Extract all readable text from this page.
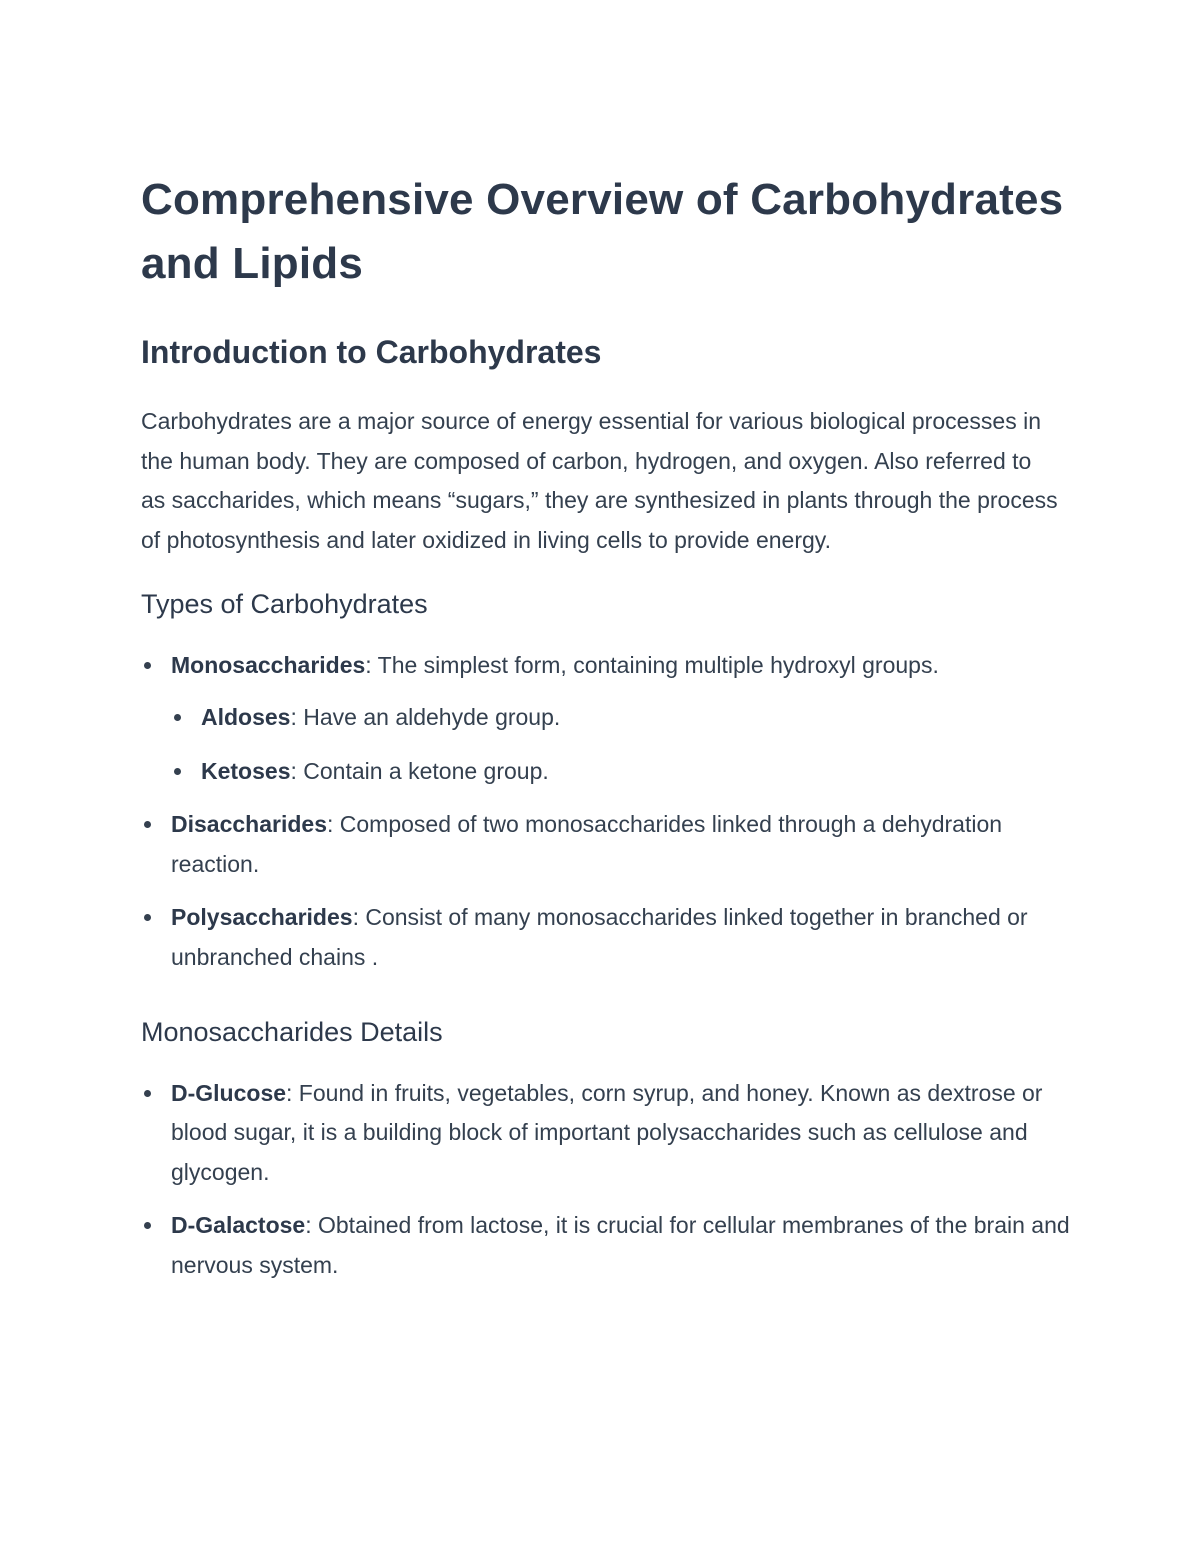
Comprehensive Overview of Carbohydrates and Lipids
Introduction to Carbohydrates

Carbohydrates are a major source of energy essential for various biological processes in the human body. They are composed of carbon, hydrogen, and oxygen. Also referred to as saccharides, which means “sugars,” they are synthesized in plants through the process of photosynthesis and later oxidized in living cells to provide energy.

Types of Carbohydrates
Monosaccharides: The simplest form, containing multiple hydroxyl groups.
Aldoses: Have an aldehyde group.
Ketoses: Contain a ketone group.
Disaccharides: Composed of two monosaccharides linked through a dehydration reaction.
Polysaccharides: Consist of many monosaccharides linked together in branched or unbranched chains .
Monosaccharides Details
D-Glucose: Found in fruits, vegetables, corn syrup, and honey. Known as dextrose or blood sugar, it is a building block of important polysaccharides such as cellulose and glycogen.
D-Galactose: Obtained from lactose, it is crucial for cellular membranes of the brain and nervous system.
